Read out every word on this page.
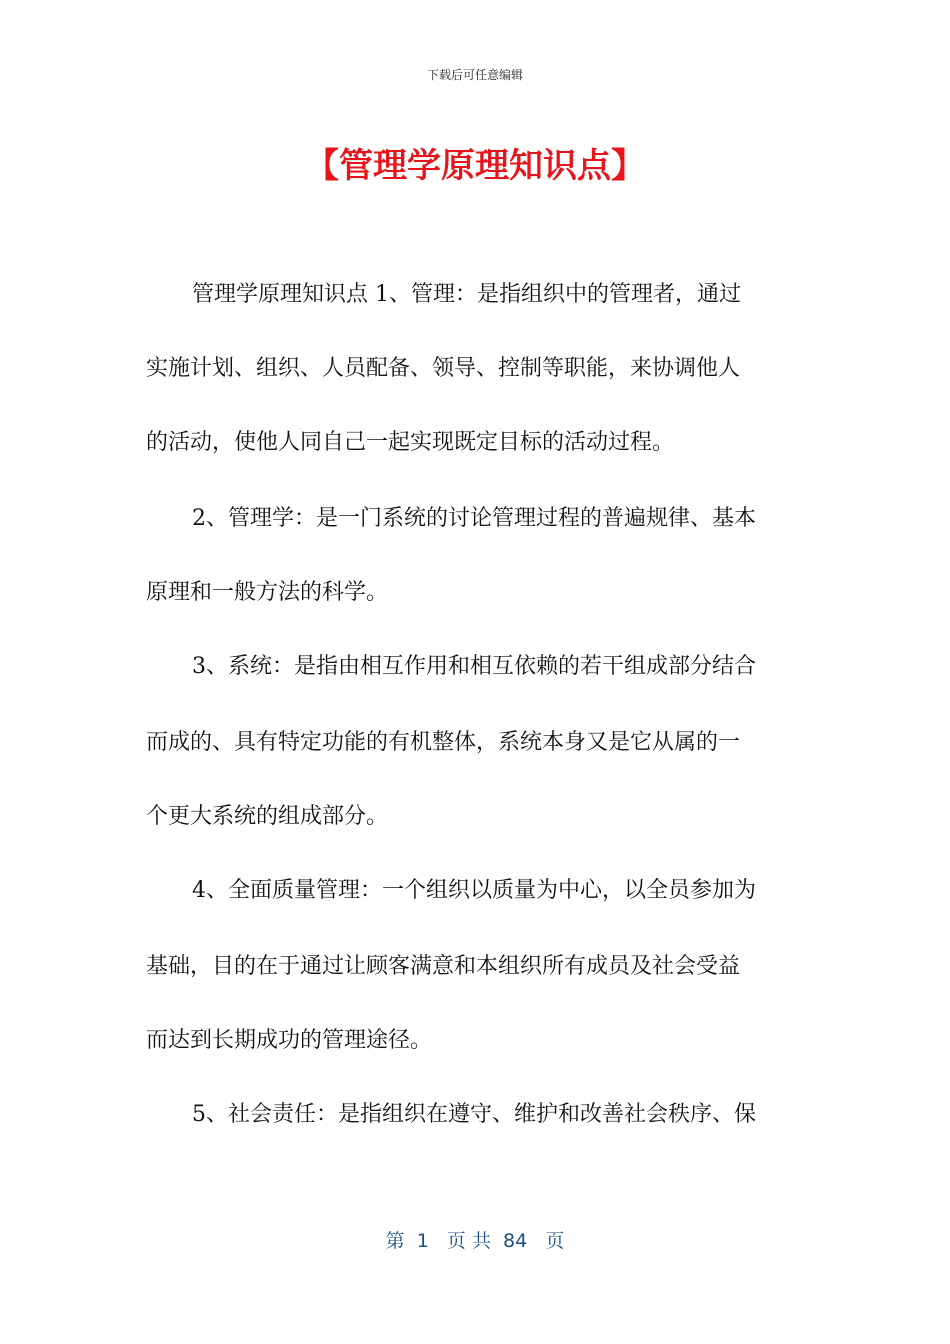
下载后可任意编辑
【管理学原理知识点】
管理学原理知识点 1、管理：是指组织中的管理者，通过
实施计划、组织、人员配备、领导、控制等职能，来协调他人
的活动，使他人同自己一起实现既定目标的活动过程。
2、管理学：是一门系统的讨论管理过程的普遍规律、基本
原理和一般方法的科学。
3、系统：是指由相互作用和相互依赖的若干组成部分结合
而成的、具有特定功能的有机整体，系统本身又是它从属的一
个更大系统的组成部分。
4、全面质量管理：一个组织以质量为中心，以全员参加为
基础，目的在于通过让顾客满意和本组织所有成员及社会受益
而达到长期成功的管理途径。
5、社会责任：是指组织在遵守、维护和改善社会秩序、保
第  1   页 共  84   页
